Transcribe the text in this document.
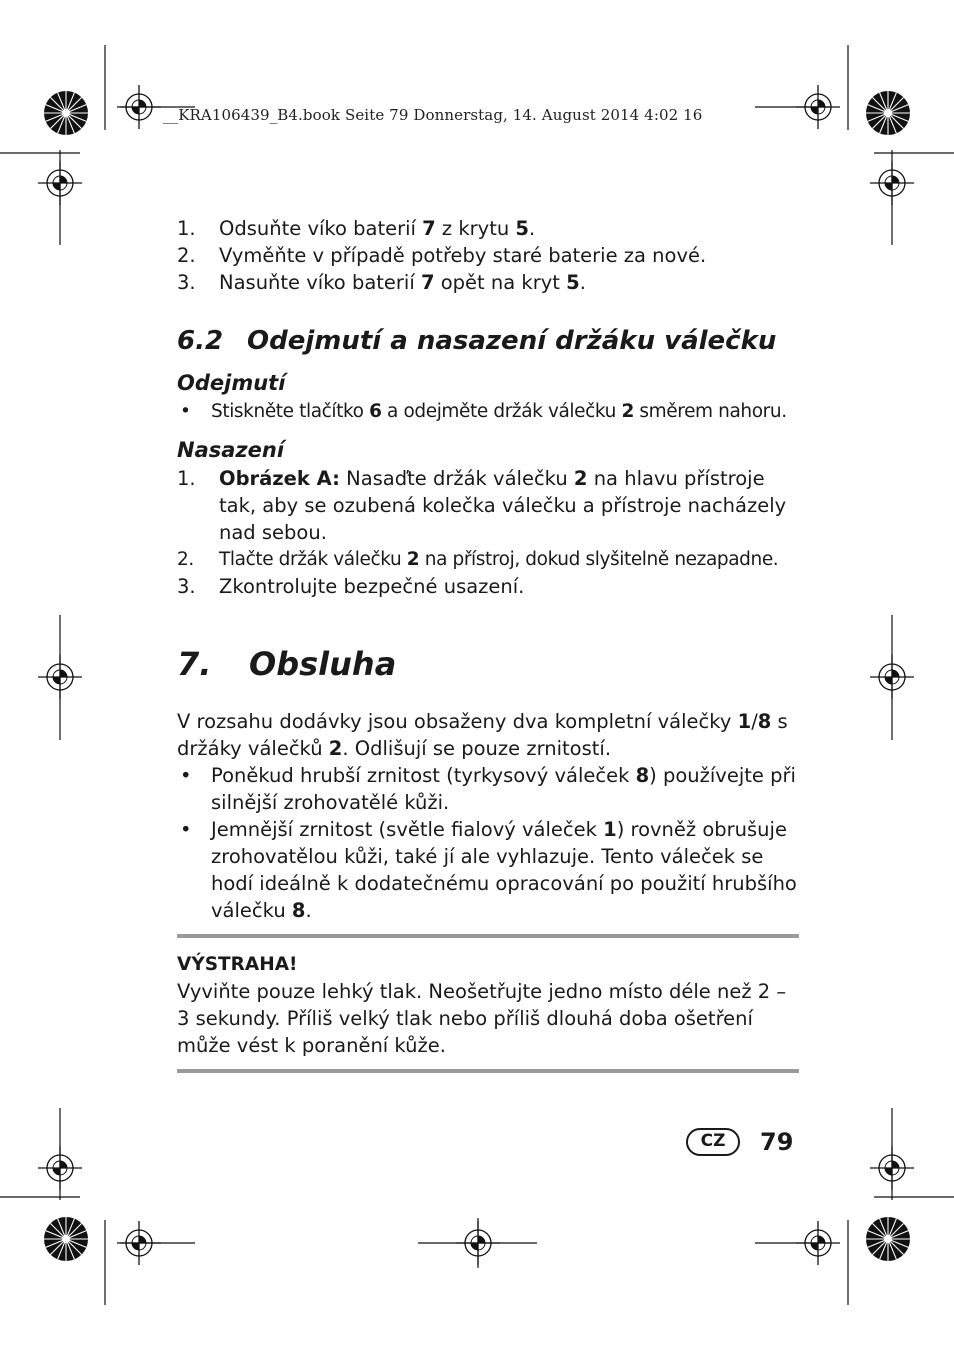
__KRA106439_B4.book Seite 79 Donnerstag, 14. August 2014 4:02 16
1. Odsuňte víko baterií 7 z krytu 5.
2. Vyměňte v případě potřeby staré baterie za nové.
3. Nasuňte víko baterií 7 opět na kryt 5.
6.2 Odejmutí a nasazení držáku válečku
Odejmutí
• Stiskněte tlačítko 6 a odejměte držák válečku 2 směrem nahoru.
Nasazení
1. Obrázek A: Nasaďte držák válečku 2 na hlavu přístroje tak, aby se ozubená kolečka válečku a přístroje nacházely nad sebou.
2. Tlačte držák válečku 2 na přístroj, dokud slyšitelně nezapadne.
3. Zkontrolujte bezpečné usazení.
7. Obsluha

V rozsahu dodávky jsou obsaženy dva kompletní válečky 1/8 s držáky válečků 2. Odlišují se pouze zrnitostí.

• Poněkud hrubší zrnitost (tyrkysový váleček 8) používejte při silnější zrohovatělé kůži.
• Jemnější zrnitost (světle fialový váleček 1) rovněž obrušuje zrohovatělou kůži, také jí ale vyhlazuje. Tento váleček se hodí ideálně k dodatečnému opracování po použití hrubšího válečku 8.
VÝSTRAHA!
Vyviňte pouze lehký tlak. Neošetřujte jedno místo déle než 2 – 3 sekundy. Příliš velký tlak nebo příliš dlouhá doba ošetření může vést k poranění kůže.
CZ	79
